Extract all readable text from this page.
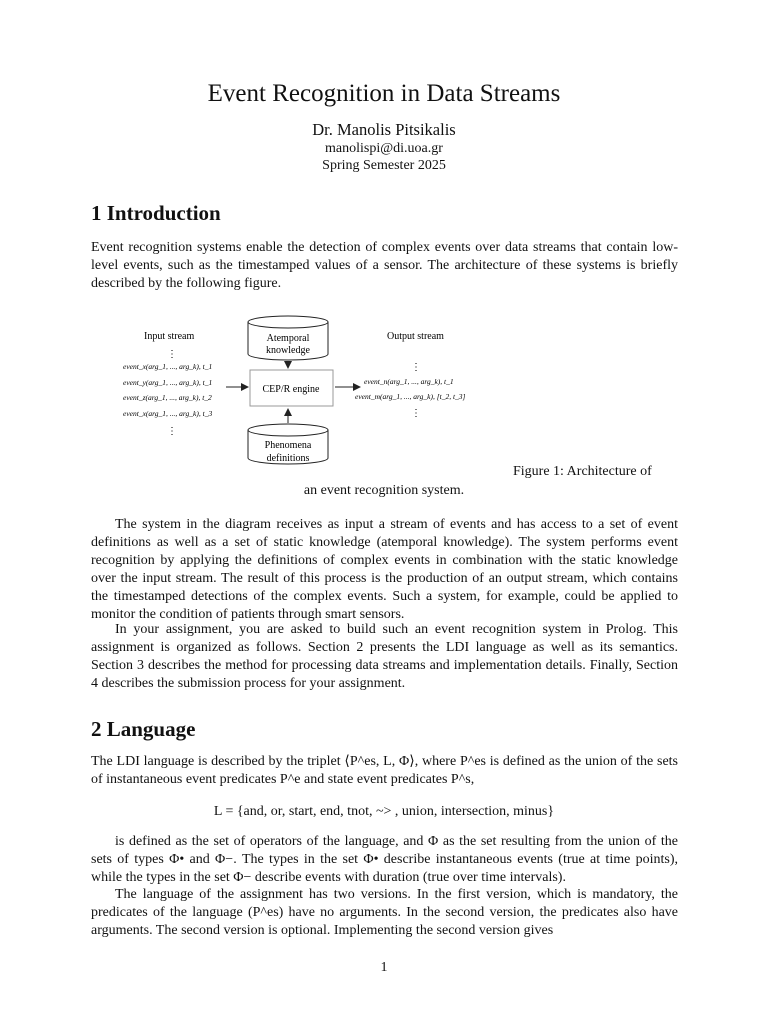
Event Recognition in Data Streams
Dr. Manolis Pitsikalis
manolispi@di.uoa.gr
Spring Semester 2025
1 Introduction

Event recognition systems enable the detection of complex events over data streams that contain low-level events, such as the timestamped values of a sensor. The architecture of these systems is briefly described by the following figure.

Input stream
⋮
event_x(arg_1, ..., arg_k), t_1
event_y(arg_1, ..., arg_k), t_1
event_z(arg_1, ..., arg_k), t_2
event_x(arg_1, ..., arg_k), t_3
⋮
Atemporal
knowledge
CEP/R engine
Phenomena
definitions
Output stream
⋮
event_n(arg_1, ..., arg_k), t_1
event_m(arg_1, ..., arg_k), [t_2, t_3]
⋮
Figure 1: Architecture of
an event recognition system.

The system in the diagram receives as input a stream of events and has access to a set of event definitions as well as a set of static knowledge (atemporal knowledge). The system performs event recognition by applying the definitions of complex events in combination with the static knowledge over the input stream. The result of this process is the production of an output stream, which contains the timestamped detections of the complex events. Such a system, for example, could be applied to monitor the condition of patients through smart sensors.

In your assignment, you are asked to build such an event recognition system in Prolog. This assignment is organized as follows. Section 2 presents the LDI language as well as its semantics. Section 3 describes the method for processing data streams and implementation details. Finally, Section 4 describes the submission process for your assignment.

2 Language

The LDI language is described by the triplet ⟨P^es, L, Φ⟩, where P^es is defined as the union of the sets of instantaneous event predicates P^e and state event predicates P^s,

L = {and, or, start, end, tnot, ~> , union, intersection, minus}

is defined as the set of operators of the language, and Φ as the set resulting from the union of the sets of types Φ• and Φ−. The types in the set Φ• describe instantaneous events (true at time points), while the types in the set Φ− describe events with duration (true over time intervals).

The language of the assignment has two versions. In the first version, which is mandatory, the predicates of the language (P^es) have no arguments. In the second version, the predicates also have arguments. The second version is optional. Implementing the second version gives

1
